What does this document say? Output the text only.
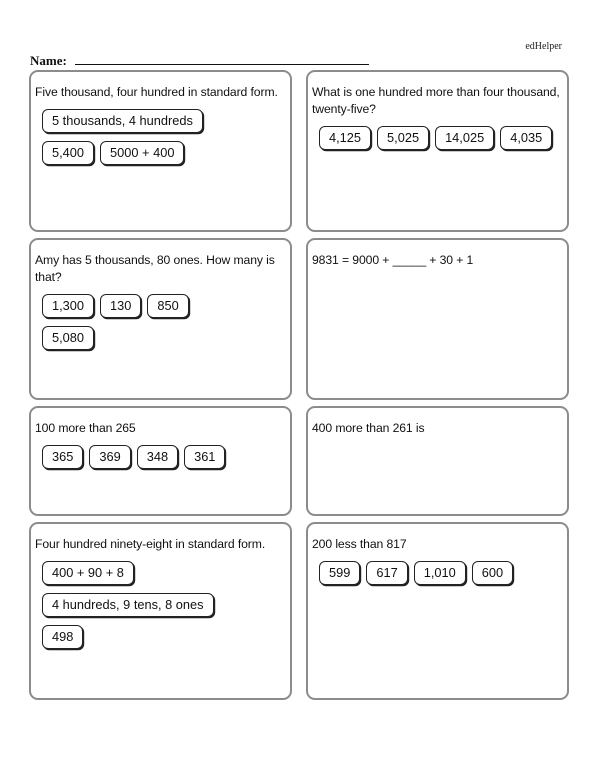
edHelper
Name:

Five thousand, four hundred in standard form.

5 thousands, 4 hundreds
5,400	5000 + 400

What is one hundred more than four thousand, twenty-five?

4,125	5,025	14,025	4,035

Amy has 5 thousands, 80 ones. How many is that?

1,300	130	850
5,080

9831 = 9000 + _____ + 30 + 1

100 more than 265

365	369	348	361

400 more than 261 is

Four hundred ninety-eight in standard form.

400 + 90 + 8
4 hundreds, 9 tens, 8 ones
498

200 less than 817

599	617	1,010	600
